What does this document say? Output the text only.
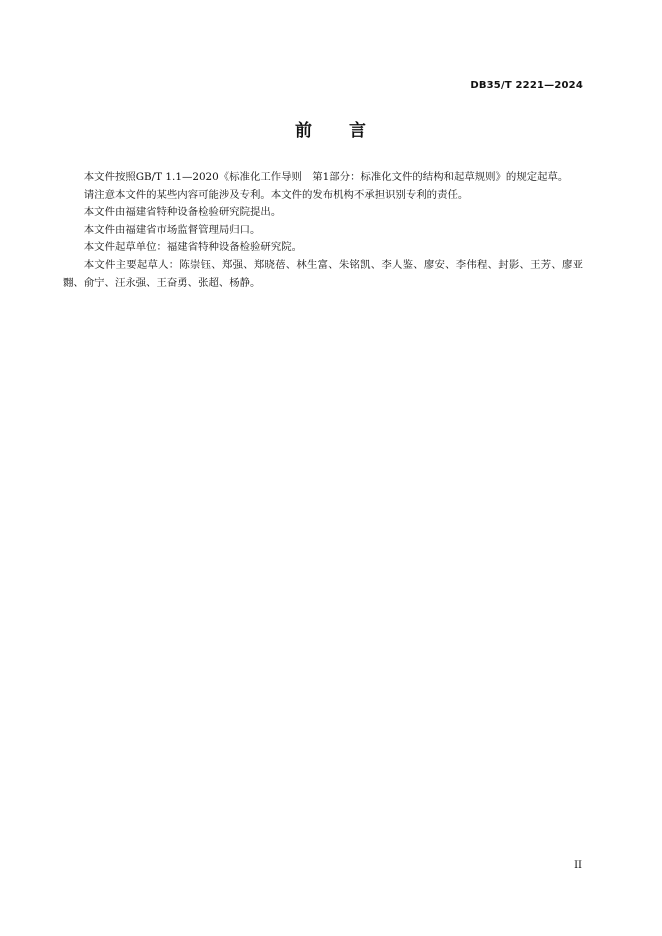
DB35/T 2221—2024
前　　言

本文件按照GB/T 1.1—2020《标准化工作导则　第1部分：标准化文件的结构和起草规则》的规定起草。

请注意本文件的某些内容可能涉及专利。本文件的发布机构不承担识别专利的责任。

本文件由福建省特种设备检验研究院提出。

本文件由福建省市场监督管理局归口。

本文件起草单位：福建省特种设备检验研究院。

本文件主要起草人：陈崇钰、郑强、郑晓蓓、林生富、朱铭凯、李人鉴、廖安、李伟程、封影、王芳、廖亚翾、俞宁、汪永强、王奋勇、张超、杨静。

II
